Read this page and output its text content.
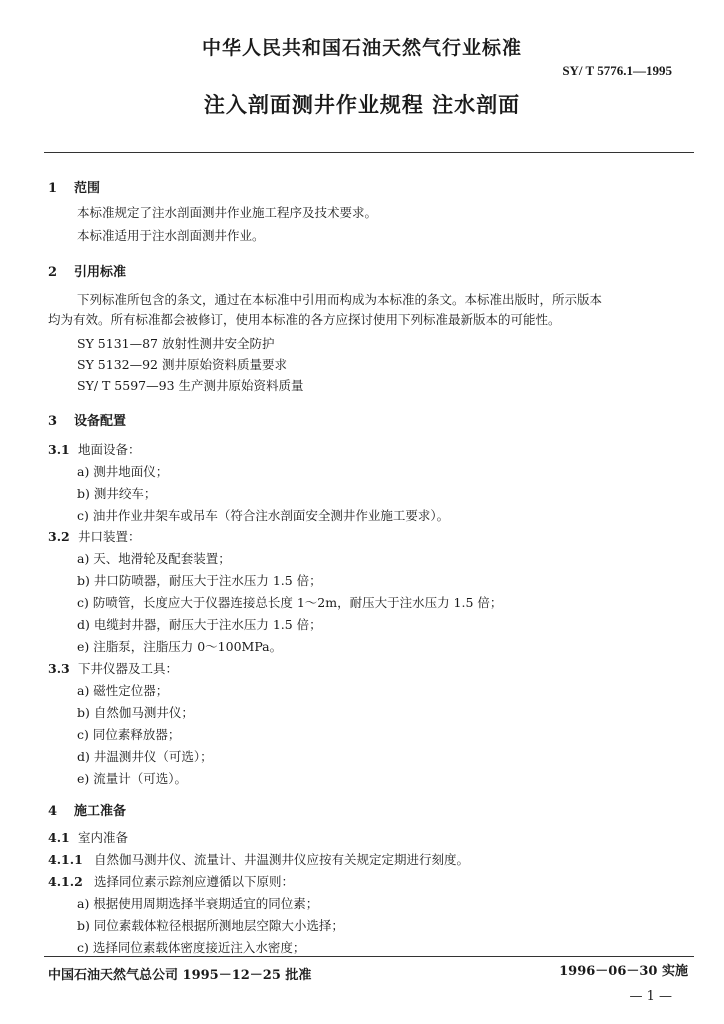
中华人民共和国石油天然气行业标准
SY/ T 5776.1—1995
注入剖面测井作业规程 注水剖面
1 范围
本标准规定了注水剖面测井作业施工程序及技术要求。
本标准适用于注水剖面测井作业。
2 引用标准
下列标准所包含的条文，通过在本标准中引用而构成为本标准的条文。本标准出版时，所示版本
均为有效。所有标准都会被修订，使用本标准的各方应探讨使用下列标准最新版本的可能性。
SY 5131—87 放射性测井安全防护
SY 5132—92 测井原始资料质量要求
SY/ T 5597—93 生产测井原始资料质量
3 设备配置
3.1 地面设备：
a) 测井地面仪；
b) 测井绞车；
c) 油井作业井架车或吊车（符合注水剖面安全测井作业施工要求）。
3.2 井口装置：
a) 天、地滑轮及配套装置；
b) 井口防喷器，耐压大于注水压力 1.5 倍；
c) 防喷管，长度应大于仪器连接总长度 1～2m，耐压大于注水压力 1.5 倍；
d) 电缆封井器，耐压大于注水压力 1.5 倍；
e) 注脂泵，注脂压力 0～100MPa。
3.3 下井仪器及工具：
a) 磁性定位器；
b) 自然伽马测井仪；
c) 同位素释放器；
d) 井温测井仪（可选）；
e) 流量计（可选）。
4 施工准备
4.1 室内准备
4.1.1 自然伽马测井仪、流量计、井温测井仪应按有关规定定期进行刻度。
4.1.2 选择同位素示踪剂应遵循以下原则：
a) 根据使用周期选择半衰期适宜的同位素；
b) 同位素载体粒径根据所测地层空隙大小选择；
c) 选择同位素载体密度接近注入水密度；
中国石油天然气总公司 1995－12－25 批准	1996－06－30 实施
— 1 —
